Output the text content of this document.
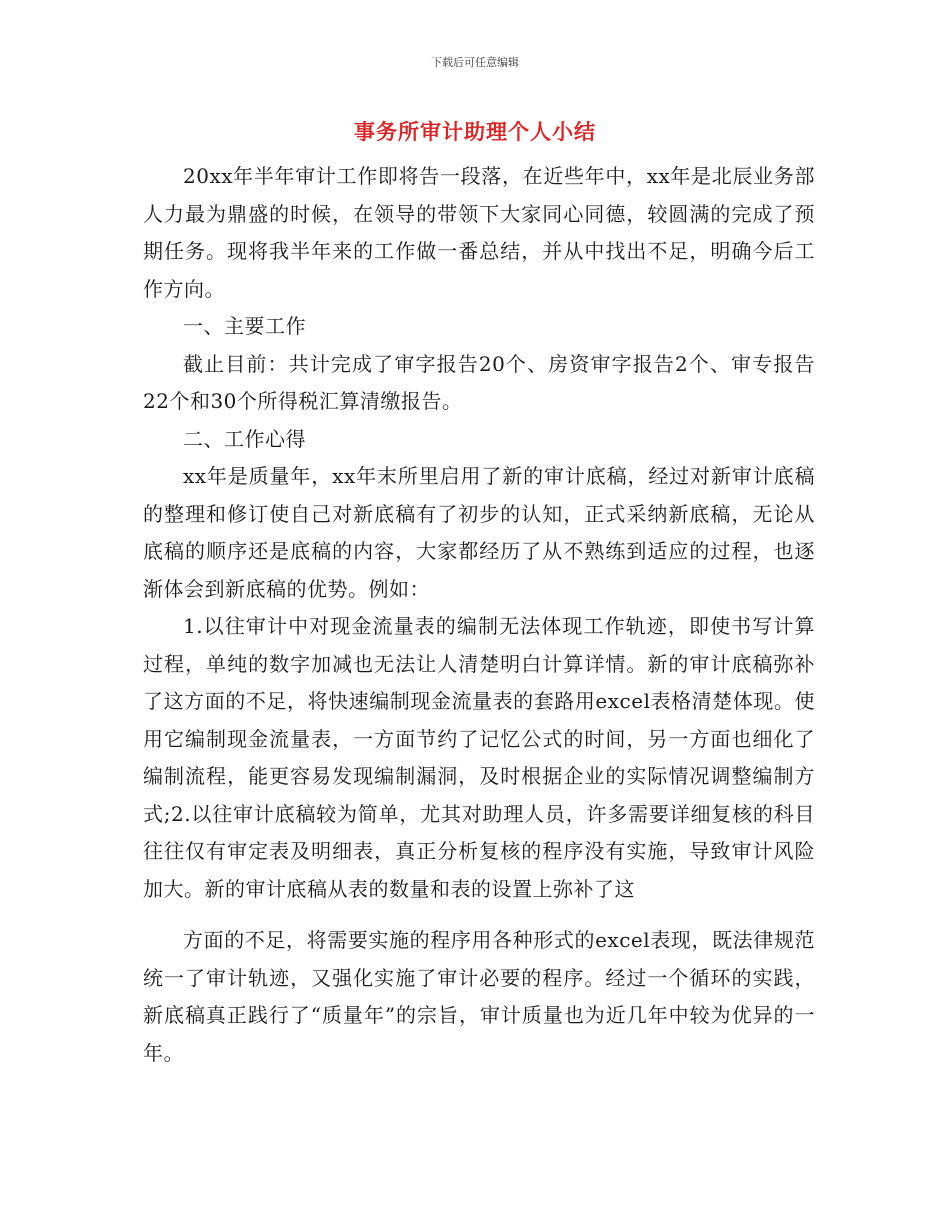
下载后可任意编辑
事务所审计助理个人小结

20xx年半年审计工作即将告一段落，在近些年中，xx年是北辰业务部人力最为鼎盛的时候，在领导的带领下大家同心同德，较圆满的完成了预期任务。现将我半年来的工作做一番总结，并从中找出不足，明确今后工作方向。

一、主要工作

截止目前：共计完成了审字报告20个、房资审字报告2个、审专报告22个和30个所得税汇算清缴报告。

二、工作心得

xx年是质量年，xx年末所里启用了新的审计底稿，经过对新审计底稿的整理和修订使自己对新底稿有了初步的认知，正式采纳新底稿，无论从底稿的顺序还是底稿的内容，大家都经历了从不熟练到适应的过程，也逐渐体会到新底稿的优势。例如：

1.以往审计中对现金流量表的编制无法体现工作轨迹，即使书写计算过程，单纯的数字加减也无法让人清楚明白计算详情。新的审计底稿弥补了这方面的不足，将快速编制现金流量表的套路用excel表格清楚体现。使用它编制现金流量表，一方面节约了记忆公式的时间，另一方面也细化了编制流程，能更容易发现编制漏洞，及时根据企业的实际情况调整编制方式;2.以往审计底稿较为简单，尤其对助理人员，许多需要详细复核的科目往往仅有审定表及明细表，真正分析复核的程序没有实施，导致审计风险加大。新的审计底稿从表的数量和表的设置上弥补了这

方面的不足，将需要实施的程序用各种形式的excel表现，既法律规范统一了审计轨迹，又强化实施了审计必要的程序。经过一个循环的实践，新底稿真正践行了“质量年”的宗旨，审计质量也为近几年中较为优异的一年。
